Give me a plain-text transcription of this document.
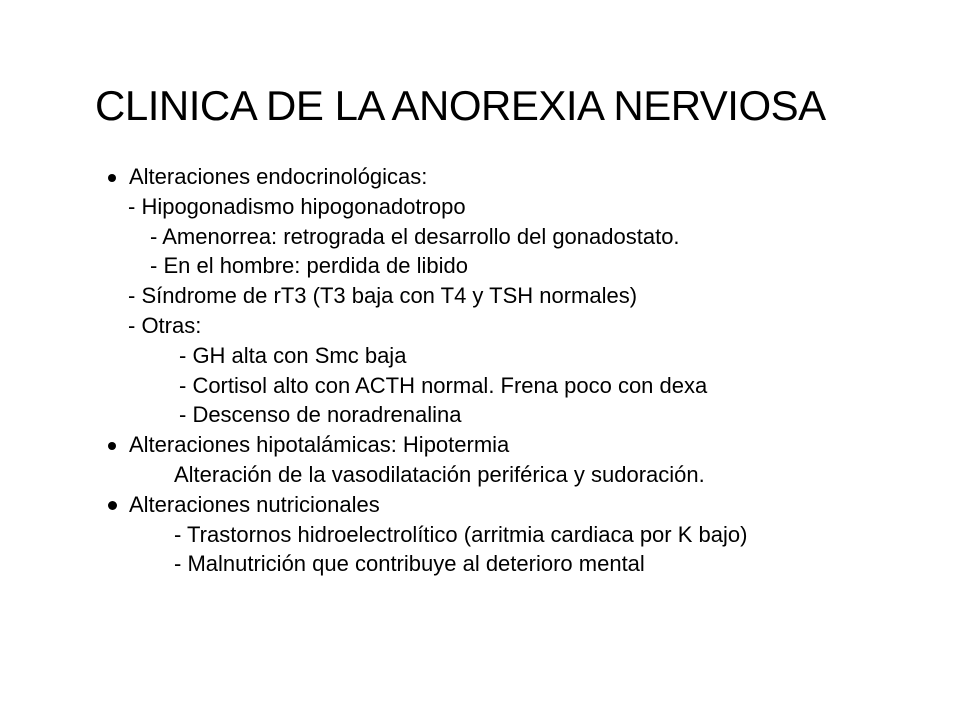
CLINICA DE LA ANOREXIA NERVIOSA
Alteraciones endocrinológicas:
- Hipogonadismo hipogonadotropo
- Amenorrea: retrograda el desarrollo del gonadostato.
- En el hombre: perdida de libido
- Síndrome de rT3 (T3 baja con T4 y TSH normales)
- Otras:
- GH alta con Smc baja
- Cortisol alto con ACTH normal. Frena poco con dexa
- Descenso de noradrenalina
Alteraciones hipotalámicas: Hipotermia
Alteración de la vasodilatación periférica y sudoración.
Alteraciones nutricionales
- Trastornos hidroelectrolítico (arritmia cardiaca por K bajo)
- Malnutrición que contribuye al deterioro mental
